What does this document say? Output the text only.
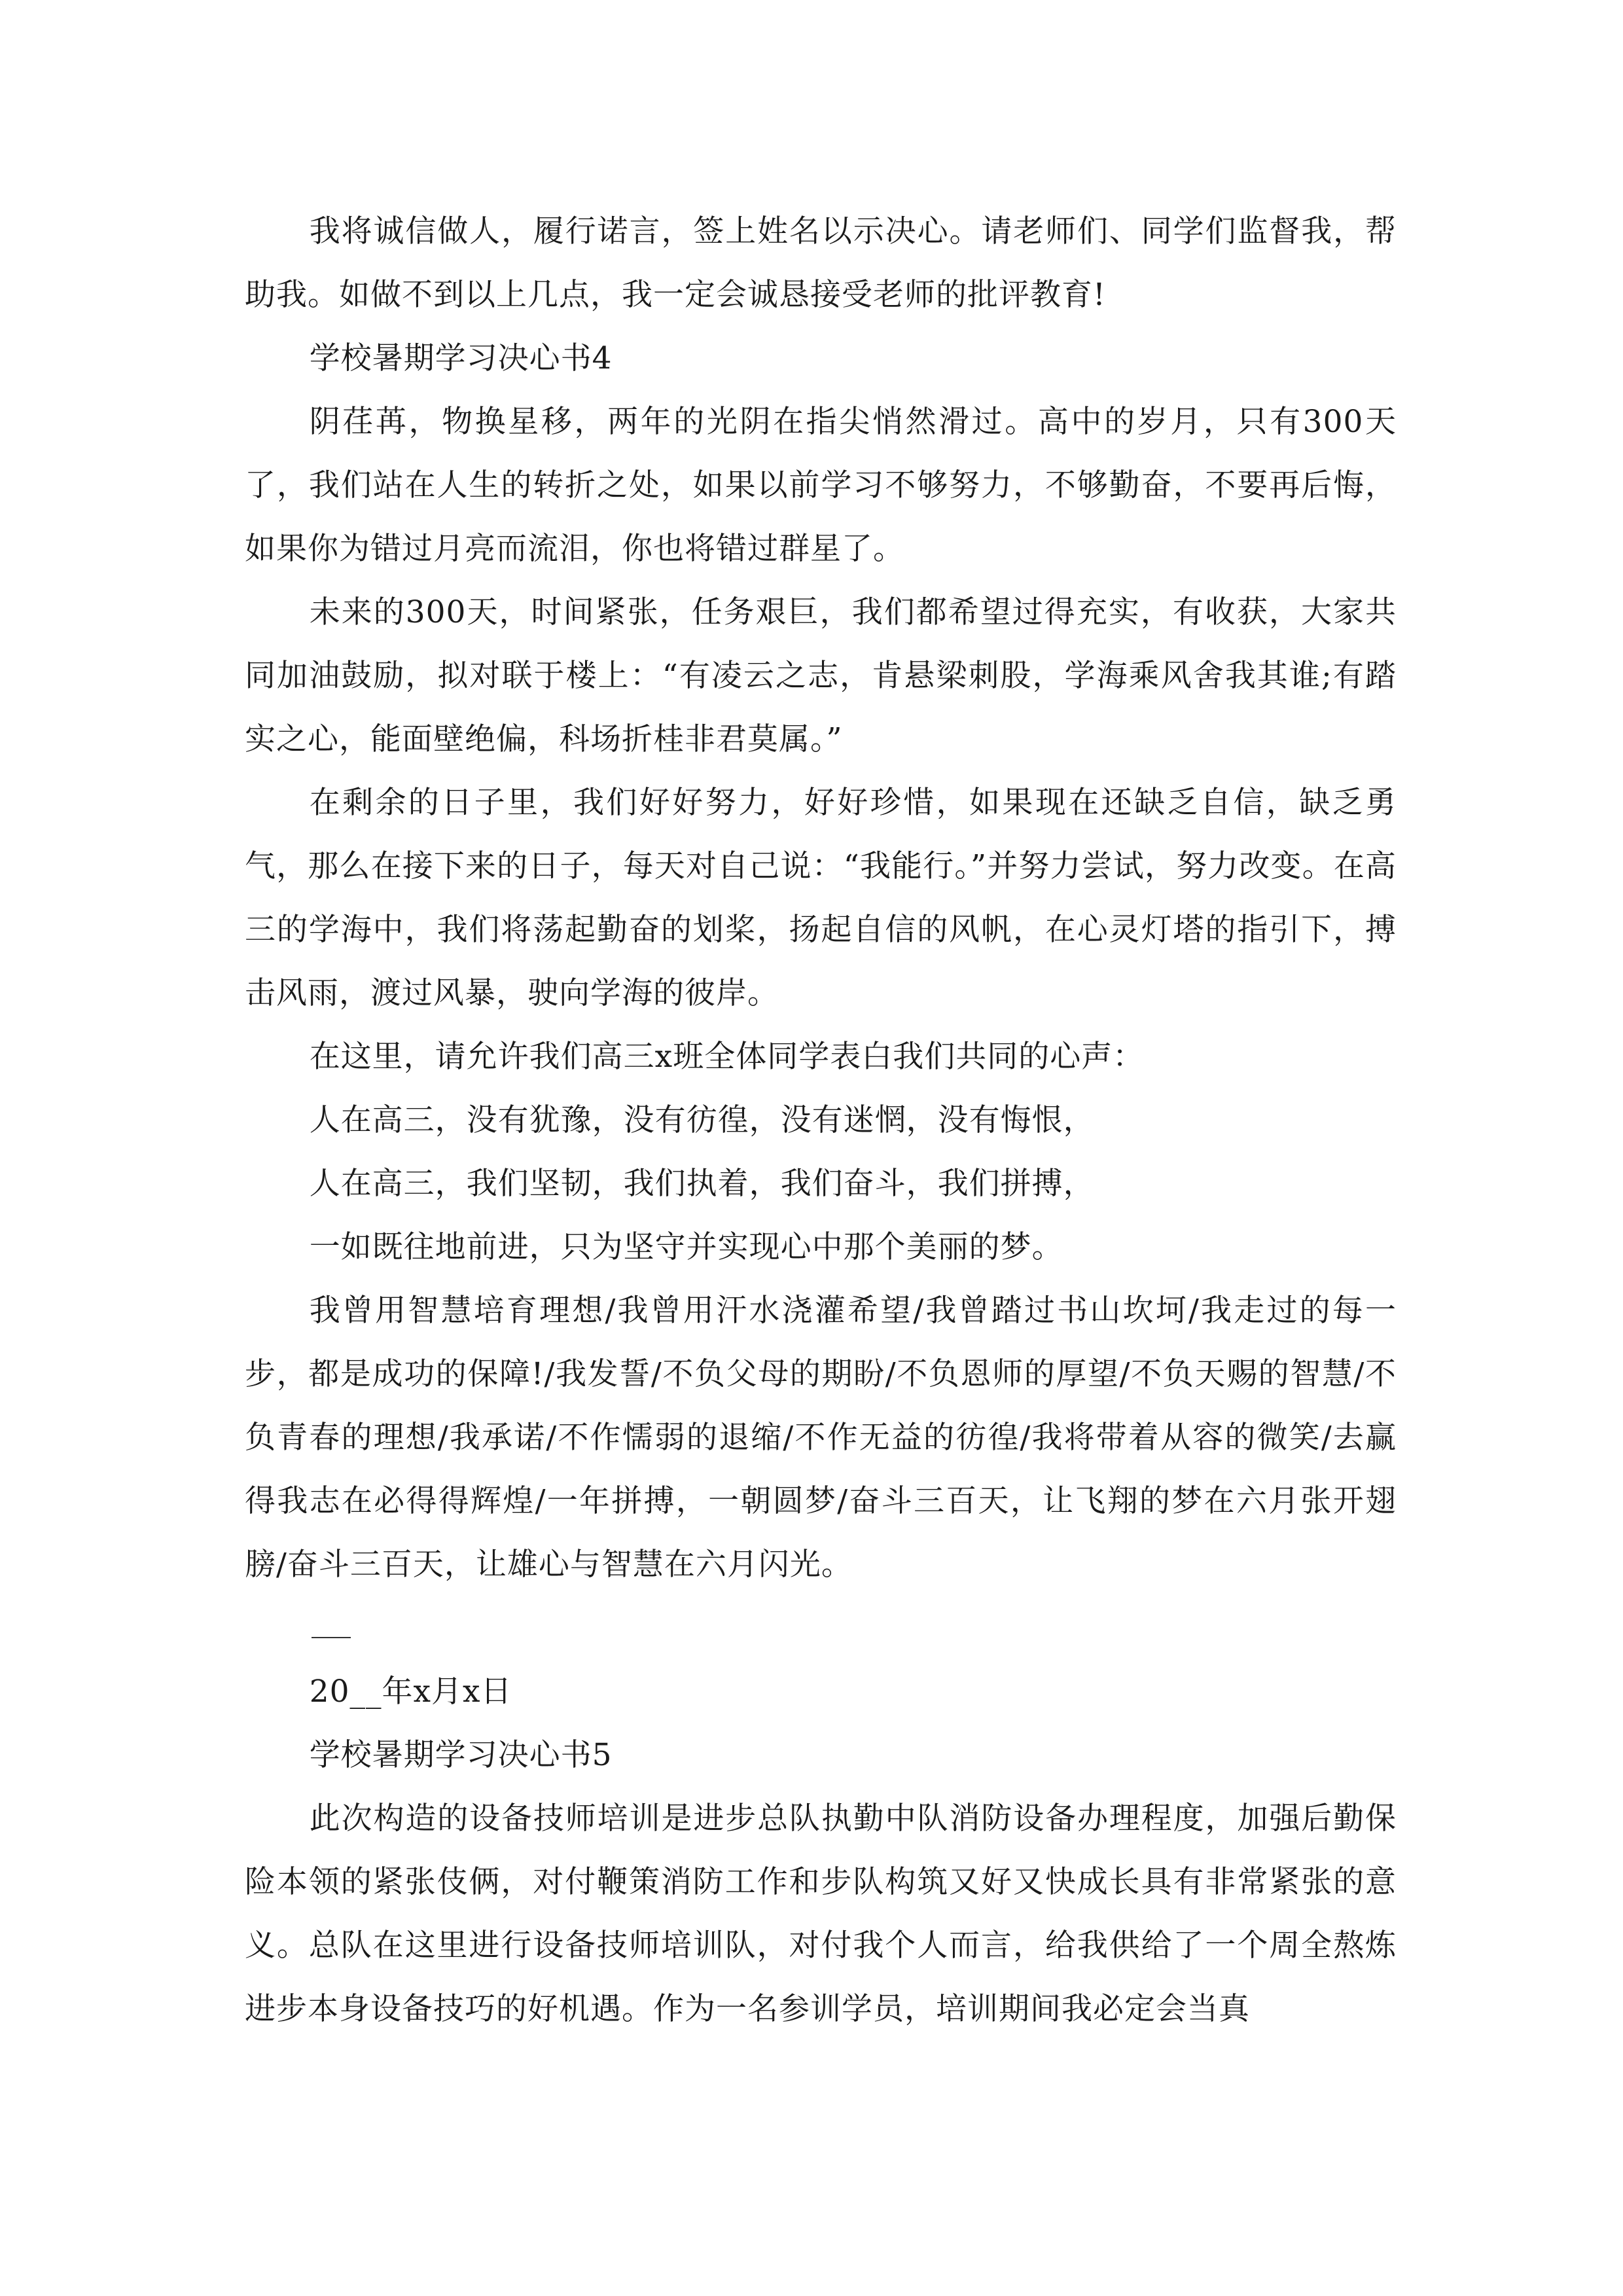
我将诚信做人，履行诺言，签上姓名以示决心。请老师们、同学们监督我，帮助我。如做不到以上几点，我一定会诚恳接受老师的批评教育!

学校暑期学习决心书4

阴荏苒，物换星移，两年的光阴在指尖悄然滑过。高中的岁月，只有300天了，我们站在人生的转折之处，如果以前学习不够努力，不够勤奋，不要再后悔，如果你为错过月亮而流泪，你也将错过群星了。

未来的300天，时间紧张，任务艰巨，我们都希望过得充实，有收获，大家共同加油鼓励，拟对联于楼上：“有凌云之志，肯悬梁刺股，学海乘风舍我其谁;有踏实之心，能面壁绝偏，科场折桂非君莫属。”

在剩余的日子里，我们好好努力，好好珍惜，如果现在还缺乏自信，缺乏勇气，那么在接下来的日子，每天对自己说：“我能行。”并努力尝试，努力改变。在高三的学海中，我们将荡起勤奋的划桨，扬起自信的风帆，在心灵灯塔的指引下，搏击风雨，渡过风暴，驶向学海的彼岸。

在这里，请允许我们高三x班全体同学表白我们共同的心声：

人在高三，没有犹豫，没有彷徨，没有迷惘，没有悔恨，

人在高三，我们坚韧，我们执着，我们奋斗，我们拼搏，

一如既往地前进，只为坚守并实现心中那个美丽的梦。

我曾用智慧培育理想/我曾用汗水浇灌希望/我曾踏过书山坎坷/我走过的每一步，都是成功的保障!/我发誓/不负父母的期盼/不负恩师的厚望/不负天赐的智慧/不负青春的理想/我承诺/不作懦弱的退缩/不作无益的彷徨/我将带着从容的微笑/去赢得我志在必得得辉煌/一年拼搏，一朝圆梦/奋斗三百天，让飞翔的梦在六月张开翅膀/奋斗三百天，让雄心与智慧在六月闪光。

20__年x月x日

学校暑期学习决心书5

此次构造的设备技师培训是进步总队执勤中队消防设备办理程度，加强后勤保险本领的紧张伎俩，对付鞭策消防工作和步队构筑又好又快成长具有非常紧张的意义。总队在这里进行设备技师培训队，对付我个人而言，给我供给了一个周全熬炼进步本身设备技巧的好机遇。作为一名参训学员，培训期间我必定会当真
